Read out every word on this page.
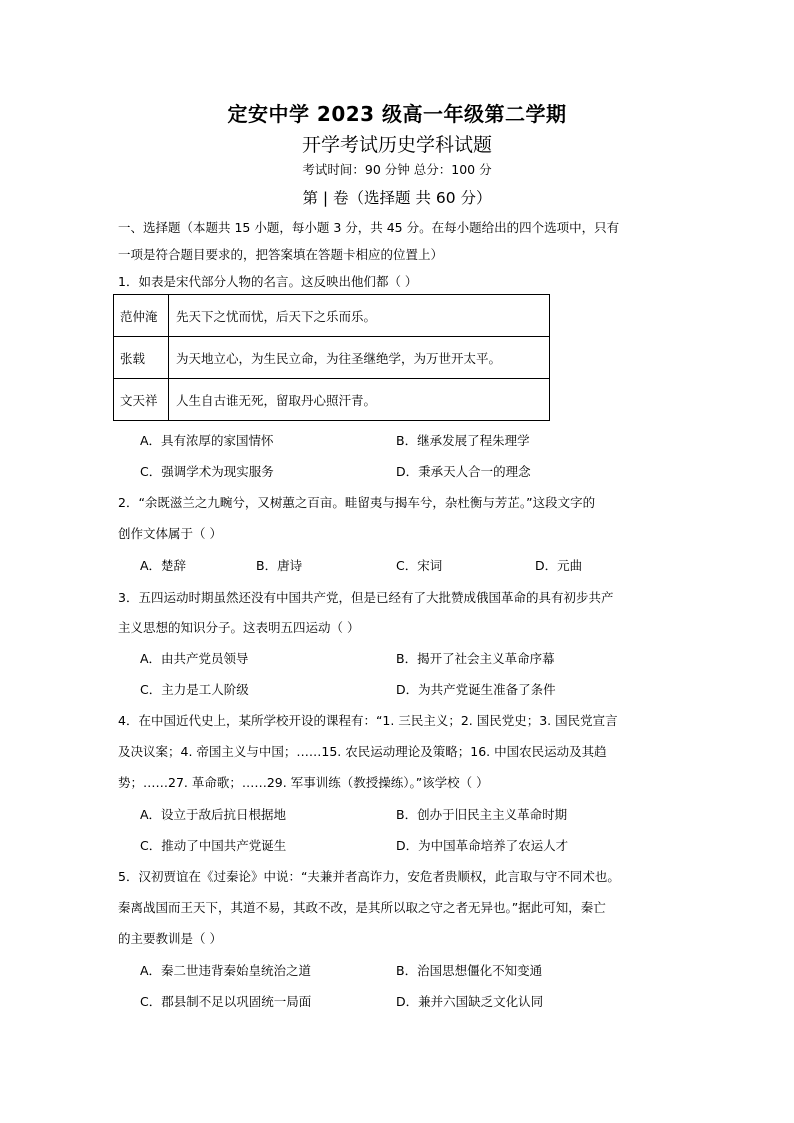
定安中学 2023 级高一年级第二学期
开学考试历史学科试题
考试时间：90 分钟 总分：100 分
第 | 卷（选择题 共 60 分）
一、选择题（本题共 15 小题，每小题 3 分，共 45 分。在每小题给出的四个选项中，只有
一项是符合题目要求的，把答案填在答题卡相应的位置上）
1．如表是宋代部分人物的名言。这反映出他们都（ ）
范仲淹	先天下之忧而忧，后天下之乐而乐。
张载	为天地立心，为生民立命，为往圣继绝学，为万世开太平。
文天祥	人生自古谁无死，留取丹心照汗青。
A．具有浓厚的家国情怀	B．继承发展了程朱理学
C．强调学术为现实服务	D．秉承天人合一的理念
2．“余既滋兰之九畹兮，又树蕙之百亩。畦留夷与揭车兮，杂杜衡与芳芷。”这段文字的
创作文体属于（ ）
A．楚辞	B．唐诗	C．宋词	D．元曲
3．五四运动时期虽然还没有中国共产党，但是已经有了大批赞成俄国革命的具有初步共产
主义思想的知识分子。这表明五四运动（ ）
A．由共产党员领导	B．揭开了社会主义革命序幕
C．主力是工人阶级	D．为共产党诞生准备了条件
4．在中国近代史上，某所学校开设的课程有：“1. 三民主义；2. 国民党史；3. 国民党宣言
及决议案；4. 帝国主义与中国；……15. 农民运动理论及策略；16. 中国农民运动及其趋
势；……27. 革命歌；……29. 军事训练（教授操练）。”该学校（ ）
A．设立于敌后抗日根据地	B．创办于旧民主主义革命时期
C．推动了中国共产党诞生	D．为中国革命培养了农运人才
5．汉初贾谊在《过秦论》中说：“夫兼并者高诈力，安危者贵顺权，此言取与守不同术也。
秦离战国而王天下，其道不易，其政不改，是其所以取之守之者无异也。”据此可知，秦亡
的主要教训是（ ）
A．秦二世违背秦始皇统治之道	B．治国思想僵化不知变通
C．郡县制不足以巩固统一局面	D．兼并六国缺乏文化认同
